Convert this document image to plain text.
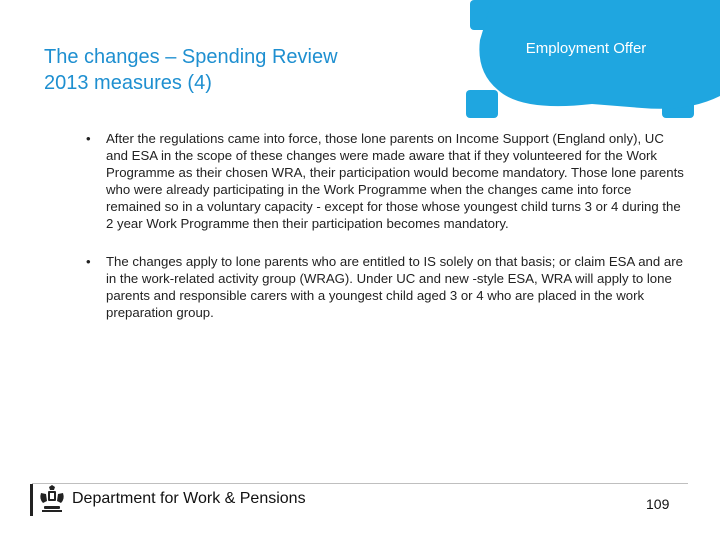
Employment Offer
The changes – Spending Review
2013 measures (4)
• After the regulations came into force, those lone parents on Income Support (England only), UC and ESA in the scope of these changes were made aware that if they volunteered for the Work Programme as their chosen WRA, their participation would become mandatory. Those lone parents who were already participating in the Work Programme when the changes came into force remained so in a voluntary capacity - except for those whose youngest child turns 3 or 4 during the 2 year Work Programme then their participation becomes mandatory.
• The changes apply to lone parents who are entitled to IS solely on that basis; or claim ESA and are in the work-related activity group (WRAG). Under UC and new -style ESA, WRA will apply to lone parents and responsible carers with a youngest child aged 3 or 4 who are placed in the work preparation group.
Department for Work & Pensions	109
